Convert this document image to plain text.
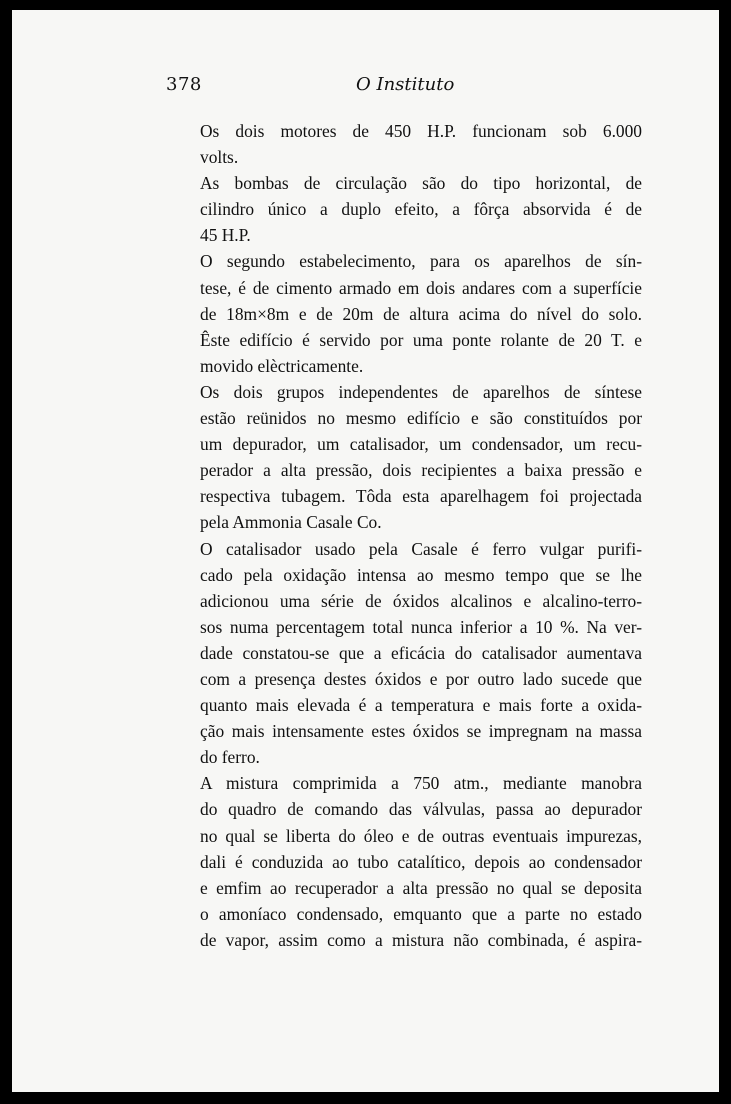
378	O Instituto

Os dois motores de 450 H.P. funcionam sob 6.000
volts.

As bombas de circulação são do tipo horizontal, de
cilindro único a duplo efeito, a fôrça absorvida é de
45 H.P.

O segundo estabelecimento, para os aparelhos de sín-
tese, é de cimento armado em dois andares com a superfície
de 18m×8m e de 20m de altura acima do nível do solo.
Êste edifício é servido por uma ponte rolante de 20 T. e
movido elèctricamente.

Os dois grupos independentes de aparelhos de síntese
estão reünidos no mesmo edifício e são constituídos por
um depurador, um catalisador, um condensador, um recu-
perador a alta pressão, dois recipientes a baixa pressão e
respectiva tubagem. Tôda esta aparelhagem foi projectada
pela Ammonia Casale Co.

O catalisador usado pela Casale é ferro vulgar purifi-
cado pela oxidação intensa ao mesmo tempo que se lhe
adicionou uma série de óxidos alcalinos e alcalino-terro-
sos numa percentagem total nunca inferior a 10 %. Na ver-
dade constatou-se que a eficácia do catalisador aumentava
com a presença destes óxidos e por outro lado sucede que
quanto mais elevada é a temperatura e mais forte a oxida-
ção mais intensamente estes óxidos se impregnam na massa
do ferro.

A mistura comprimida a 750 atm., mediante manobra
do quadro de comando das válvulas, passa ao depurador
no qual se liberta do óleo e de outras eventuais impurezas,
dali é conduzida ao tubo catalítico, depois ao condensador
e emfim ao recuperador a alta pressão no qual se deposita
o amoníaco condensado, emquanto que a parte no estado
de vapor, assim como a mistura não combinada, é aspira-
